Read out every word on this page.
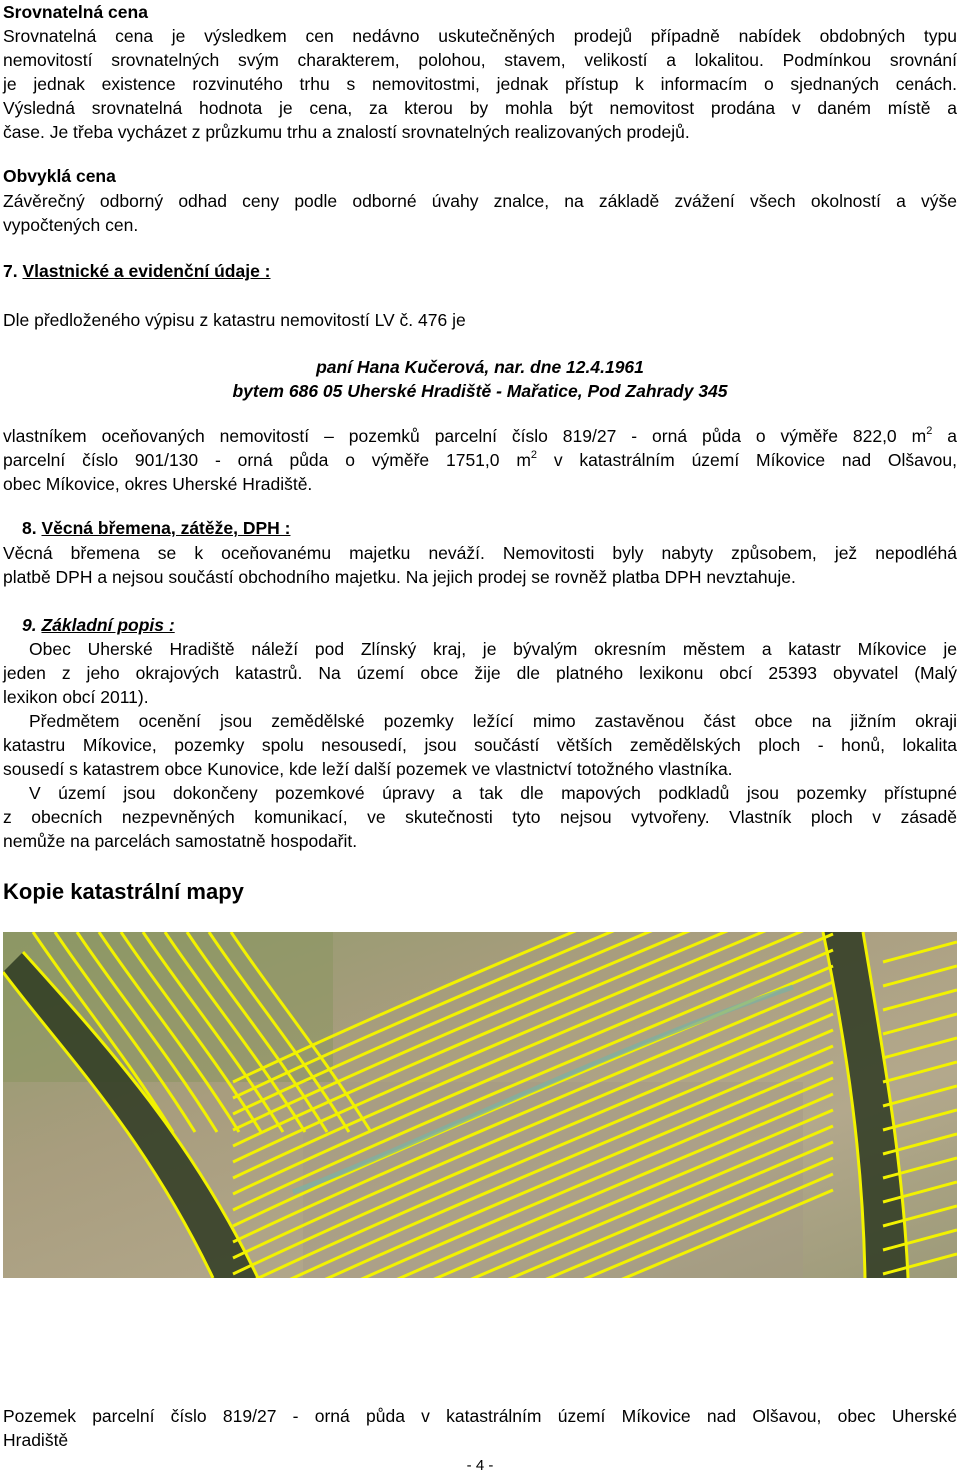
Srovnatelná cena
Srovnatelná cena je výsledkem cen nedávno uskutečněných prodejů případně nabídek obdobných typu
nemovitostí srovnatelných svým charakterem, polohou, stavem, velikostí a lokalitou. Podmínkou srovnání
je jednak existence rozvinutého trhu s nemovitostmi, jednak přístup k informacím o sjednaných cenách.
Výsledná srovnatelná hodnota je cena, za kterou by mohla být nemovitost prodána v daném místě a
čase. Je třeba vycházet z průzkumu trhu a znalostí srovnatelných realizovaných prodejů.
Obvyklá cena
Závěrečný odborný odhad ceny podle odborné úvahy znalce, na základě zvážení všech okolností a výše
vypočtených cen.
7. Vlastnické a evidenční údaje :
Dle předloženého výpisu z katastru nemovitostí LV č. 476 je
paní Hana Kučerová, nar. dne 12.4.1961
bytem 686 05 Uherské Hradiště - Mařatice, Pod Zahrady 345
vlastníkem oceňovaných nemovitostí – pozemků parcelní číslo 819/27 - orná půda o výměře 822,0 $m^2$ a
parcelní číslo 901/130 - orná půda o výměře 1751,0 $m^2$ v katastrálním území Míkovice nad Olšavou,
obec Míkovice, okres Uherské Hradiště.
8. Věcná břemena, zátěže, DPH :
Věcná břemena se k oceňovanému majetku neváží. Nemovitosti byly nabyty způsobem, jež nepodléhá
platbě DPH a nejsou součástí obchodního majetku. Na jejich prodej se rovněž platba DPH nevztahuje.
9. Základní popis :
Obec Uherské Hradiště náleží pod Zlínský kraj, je bývalým okresním městem a katastr Míkovice je
jeden z jeho okrajových katastrů. Na území obce žije dle platného lexikonu obcí 25393 obyvatel (Malý
lexikon obcí 2011).
Předmětem ocenění jsou zemědělské pozemky ležící mimo zastavěnou část obce na jižním okraji
katastru Míkovice, pozemky spolu nesousedí, jsou součástí větších zemědělských ploch - honů, lokalita
sousedí s katastrem obce Kunovice, kde leží další pozemek ve vlastnictví totožného vlastníka.
V území jsou dokončeny pozemkové úpravy a tak dle mapových podkladů jsou pozemky přístupné
z obecních nezpevněných komunikací, ve skutečnosti tyto nejsou vytvořeny. Vlastník ploch v zásadě
nemůže na parcelách samostatně hospodařit.
Kopie katastrální mapy
Pozemek parcelní číslo 819/27 - orná půda v katastrálním území Míkovice nad Olšavou, obec Uherské
Hradiště
- 4 -
